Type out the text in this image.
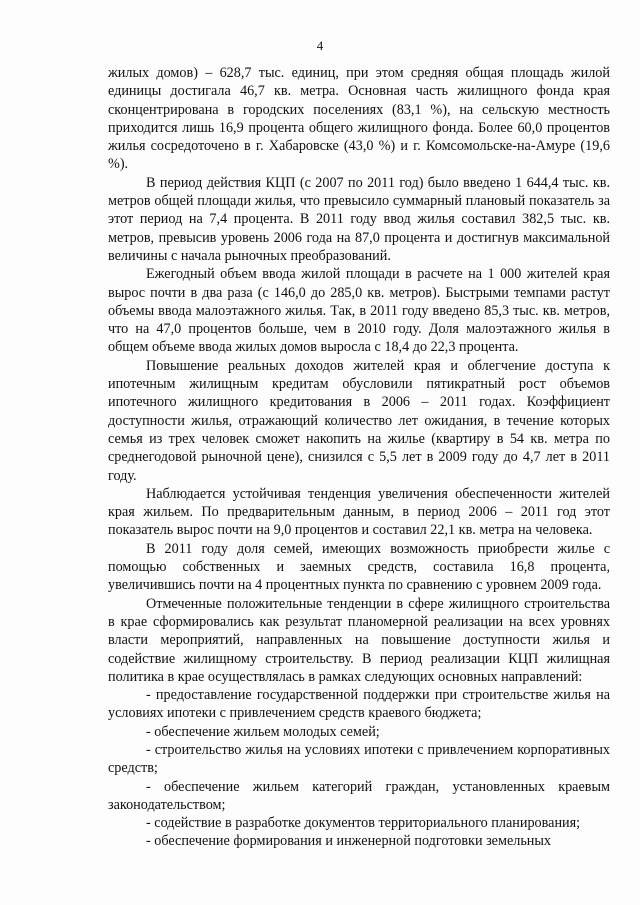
4

жилых домов) – 628,7 тыс. единиц, при этом средняя общая площадь жилой единицы достигала 46,7 кв. метра. Основная часть жилищного фонда края сконцентрирована в городских поселениях (83,1 %), на сельскую местность приходится лишь 16,9 процента общего жилищного фонда. Более 60,0 процентов жилья сосредоточено в г. Хабаровске (43,0 %) и г. Комсомольске-на-Амуре (19,6 %).

В период действия КЦП (с 2007 по 2011 год) было введено 1 644,4 тыс. кв. метров общей площади жилья, что превысило суммарный плановый показатель за этот период на 7,4 процента. В 2011 году ввод жилья составил 382,5 тыс. кв. метров, превысив уровень 2006 года на 87,0 процента и достигнув максимальной величины с начала рыночных преобразований.

Ежегодный объем ввода жилой площади в расчете на 1 000 жителей края вырос почти в два раза (с 146,0 до 285,0 кв. метров). Быстрыми темпами растут объемы ввода малоэтажного жилья. Так, в 2011 году введено 85,3 тыс. кв. метров, что на 47,0 процентов больше, чем в 2010 году. Доля малоэтажного жилья в общем объеме ввода жилых домов выросла с 18,4 до 22,3 процента.

Повышение реальных доходов жителей края и облегчение доступа к ипотечным жилищным кредитам обусловили пятикратный рост объемов ипотечного жилищного кредитования в 2006 – 2011 годах. Коэффициент доступности жилья, отражающий количество лет ожидания, в течение которых семья из трех человек сможет накопить на жилье (квартиру в 54 кв. метра по среднегодовой рыночной цене), снизился с 5,5 лет в 2009 году до 4,7 лет в 2011 году.

Наблюдается устойчивая тенденция увеличения обеспеченности жителей края жильем. По предварительным данным, в период 2006 – 2011 год этот показатель вырос почти на 9,0 процентов и составил 22,1 кв. метра на человека.

В 2011 году доля семей, имеющих возможность приобрести жилье с помощью собственных и заемных средств, составила 16,8 процента, увеличившись почти на 4 процентных пункта по сравнению с уровнем 2009 года.

Отмеченные положительные тенденции в сфере жилищного строительства в крае сформировались как результат планомерной реализации на всех уровнях власти мероприятий, направленных на повышение доступности жилья и содействие жилищному строительству. В период реализации КЦП жилищная политика в крае осуществлялась в рамках следующих основных направлений:

- предоставление государственной поддержки при строительстве жилья на условиях ипотеки с привлечением средств краевого бюджета;

- обеспечение жильем молодых семей;

- строительство жилья на условиях ипотеки с привлечением корпоративных средств;

- обеспечение жильем категорий граждан, установленных краевым законодательством;

- содействие в разработке документов территориального планирования;

- обеспечение формирования и инженерной подготовки земельных
